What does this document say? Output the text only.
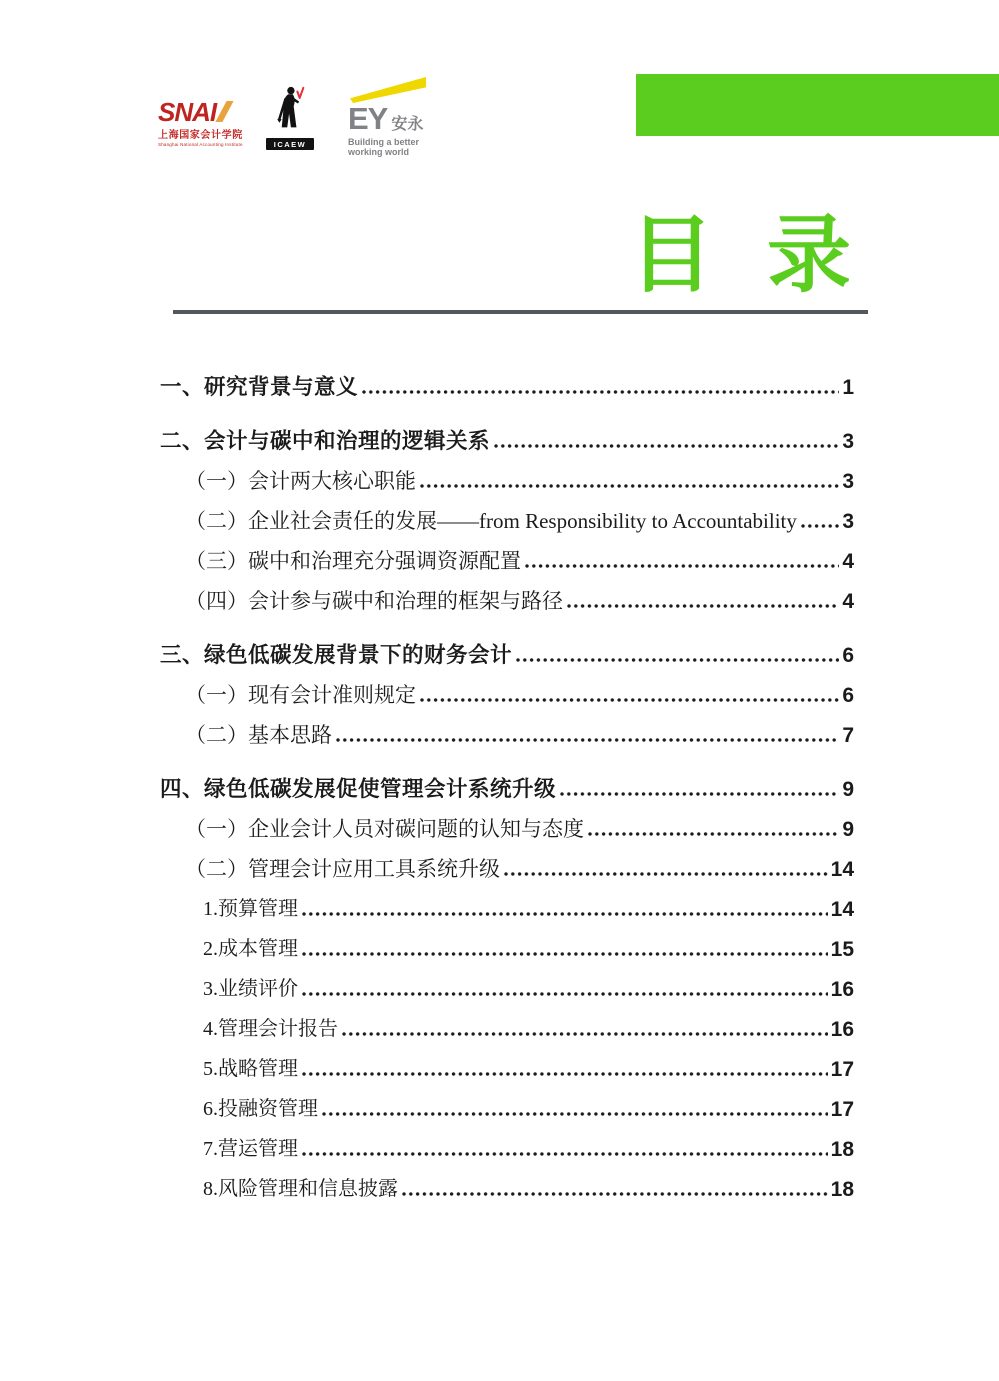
SNAI
上海国家会计学院
Shanghai National Accounting Institute	ICAEW
EY 安永
Building a better
working world
目 录
一、研究背景与意义	1
二、会计与碳中和治理的逻辑关系	3
（一）会计两大核心职能	3
（二）企业社会责任的发展——from Responsibility to Accountability 3
（三）碳中和治理充分强调资源配置	4
（四）会计参与碳中和治理的框架与路径	4
三、绿色低碳发展背景下的财务会计	6
（一）现有会计准则规定	6
（二）基本思路	7
四、绿色低碳发展促使管理会计系统升级	9
（一）企业会计人员对碳问题的认知与态度	9
（二）管理会计应用工具系统升级	14
1.预算管理	14
2.成本管理	15
3.业绩评价	16
4.管理会计报告	16
5.战略管理	17
6.投融资管理	17
7.营运管理	18
8.风险管理和信息披露	18
